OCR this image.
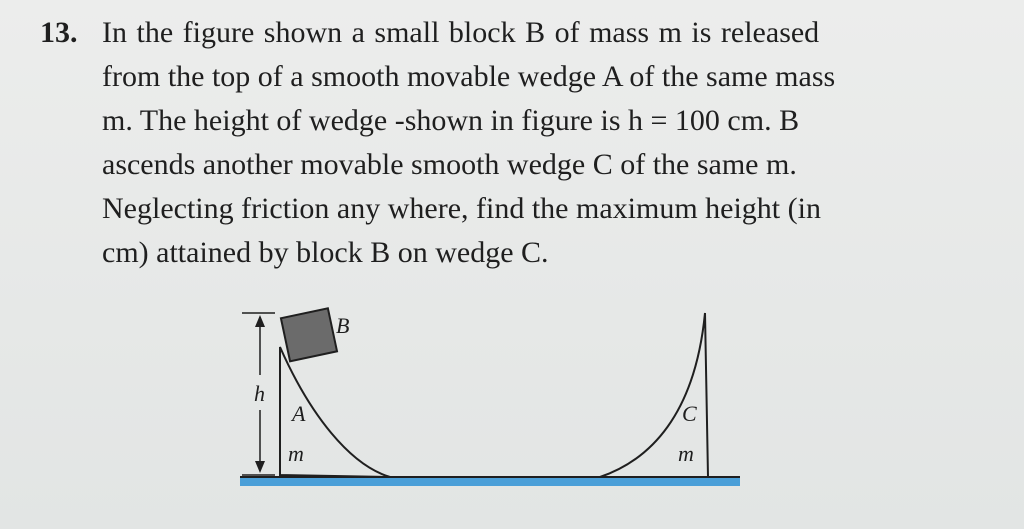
13. In the figure shown a small block B of mass m is released
from the top of a smooth movable wedge A of the same mass
m. The height of wedge -shown in figure is h = 100 cm. B
ascends another movable smooth wedge C of the same m.
Neglecting friction any where, find the maximum height (in
cm) attained by block B on wedge C.
h
A
m
B
C
m
